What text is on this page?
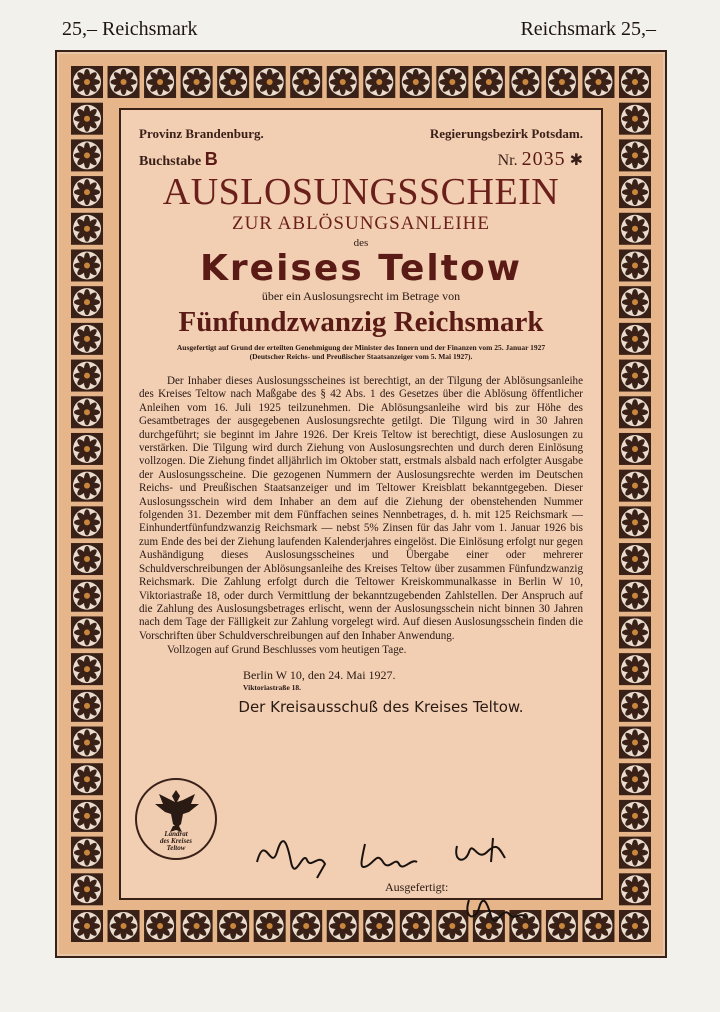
25,– Reichsmark	Reichsmark 25,–
Provinz Brandenburg.	Regierungsbezirk Potsdam.
Buchstabe B	Nr. 2035 ✱
AUSLOSUNGSSCHEIN
ZUR ABLÖSUNGSANLEIHE
des
Kreises Teltow
über ein Auslosungsrecht im Betrage von
Fünfundzwanzig Reichsmark
Ausgefertigt auf Grund der erteilten Genehmigung der Minister des Innern und der Finanzen vom 25. Januar 1927
(Deutscher Reichs- und Preußischer Staatsanzeiger vom 5. Mai 1927).
Der Inhaber dieses Auslosungsscheines ist berechtigt, an der Tilgung der Ablösungsanleihe des Kreises Teltow nach Maßgabe des § 42 Abs. 1 des Gesetzes über die Ablösung öffentlicher Anleihen vom 16. Juli 1925 teilzunehmen. Die Ablösungsanleihe wird bis zur Höhe des Gesamtbetrages der ausgegebenen Auslosungsrechte getilgt. Die Tilgung wird in 30 Jahren durchgeführt; sie beginnt im Jahre 1926. Der Kreis Teltow ist berechtigt, diese Auslosungen zu verstärken. Die Tilgung wird durch Ziehung von Auslosungsrechten und durch deren Einlösung vollzogen. Die Ziehung findet alljährlich im Oktober statt, erstmals alsbald nach erfolgter Ausgabe der Auslosungsscheine. Die gezogenen Nummern der Auslosungsrechte werden im Deutschen Reichs- und Preußischen Staatsanzeiger und im Teltower Kreisblatt bekanntgegeben. Dieser Auslosungsschein wird dem Inhaber an dem auf die Ziehung der obenstehenden Nummer folgenden 31. Dezember mit dem Fünffachen seines Nennbetrages, d. h. mit 125 Reichsmark — Einhundertfünfundzwanzig Reichsmark — nebst 5% Zinsen für das Jahr vom 1. Januar 1926 bis zum Ende des bei der Ziehung laufenden Kalenderjahres eingelöst. Die Einlösung erfolgt nur gegen Aushändigung dieses Auslosungsscheines und Übergabe einer oder mehrerer Schuldverschreibungen der Ablösungsanleihe des Kreises Teltow über zusammen Fünfundzwanzig Reichsmark. Die Zahlung erfolgt durch die Teltower Kreiskommunalkasse in Berlin W 10, Viktoriastraße 18, oder durch Vermittlung der bekanntzugebenden Zahlstellen. Der Anspruch auf die Zahlung des Auslosungsbetrages erlischt, wenn der Auslosungsschein nicht binnen 30 Jahren nach dem Tage der Fälligkeit zur Zahlung vorgelegt wird. Auf diesen Auslosungsschein finden die Vorschriften über Schuldverschreibungen auf den Inhaber Anwendung.
Vollzogen auf Grund Beschlusses vom heutigen Tage.
Berlin W 10, den 24. Mai 1927.
Viktoriastraße 18.
Der Kreisausschuß des Kreises Teltow.
Landrat
des Kreises
Teltow
Ausgefertigt:
